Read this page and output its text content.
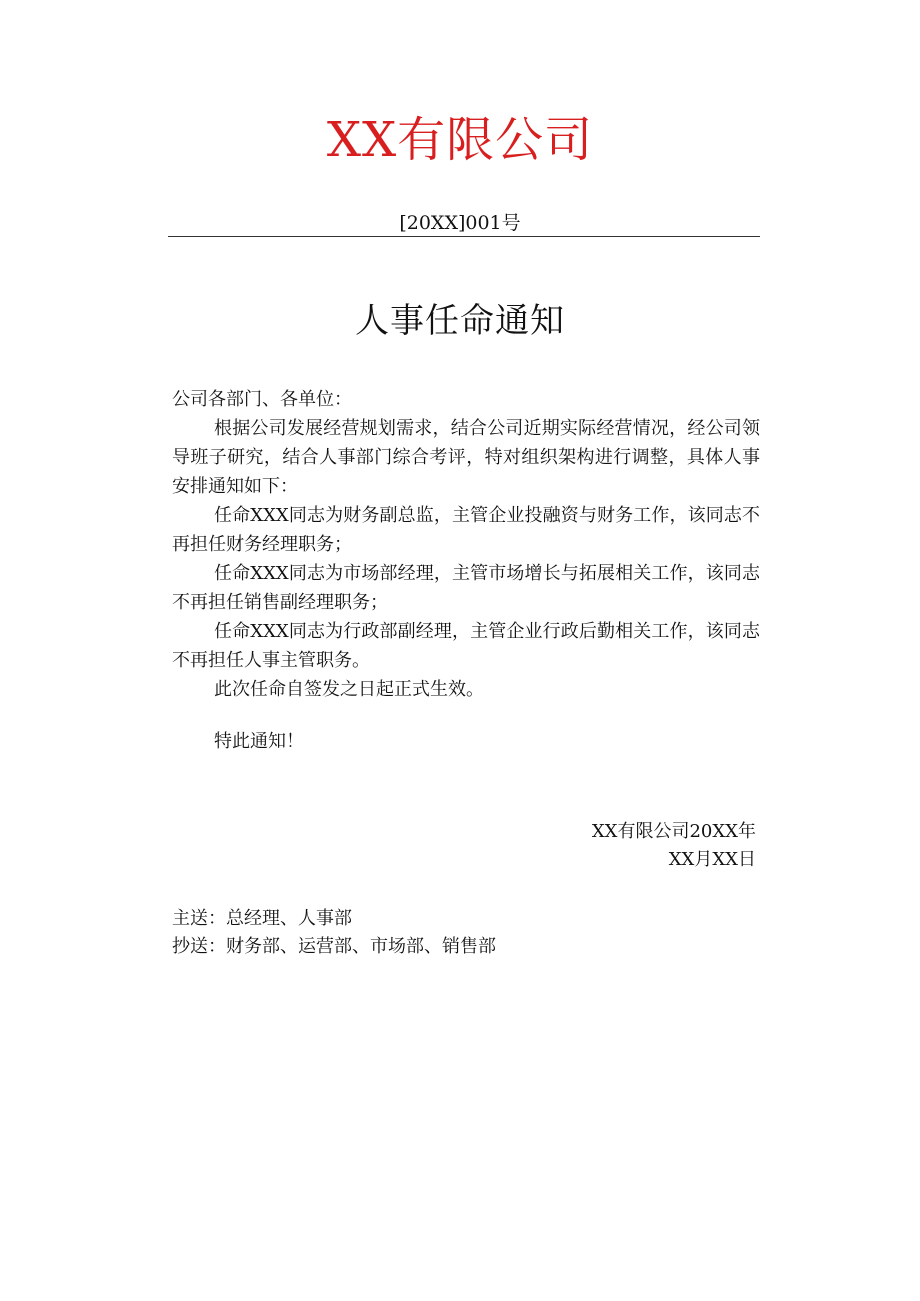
XX有限公司
[20XX]001号
人事任命通知

公司各部门、各单位：

根据公司发展经营规划需求，结合公司近期实际经营情况，经公司领导班子研究，结合人事部门综合考评，特对组织架构进行调整，具体人事安排通知如下：

任命XXX同志为财务副总监，主管企业投融资与财务工作，该同志不再担任财务经理职务；

任命XXX同志为市场部经理，主管市场增长与拓展相关工作，该同志不再担任销售副经理职务；

任命XXX同志为行政部副经理，主管企业行政后勤相关工作，该同志不再担任人事主管职务。

此次任命自签发之日起正式生效。

特此通知！

XX有限公司20XX年
XX月XX日
主送：总经理、人事部
抄送：财务部、运营部、市场部、销售部
